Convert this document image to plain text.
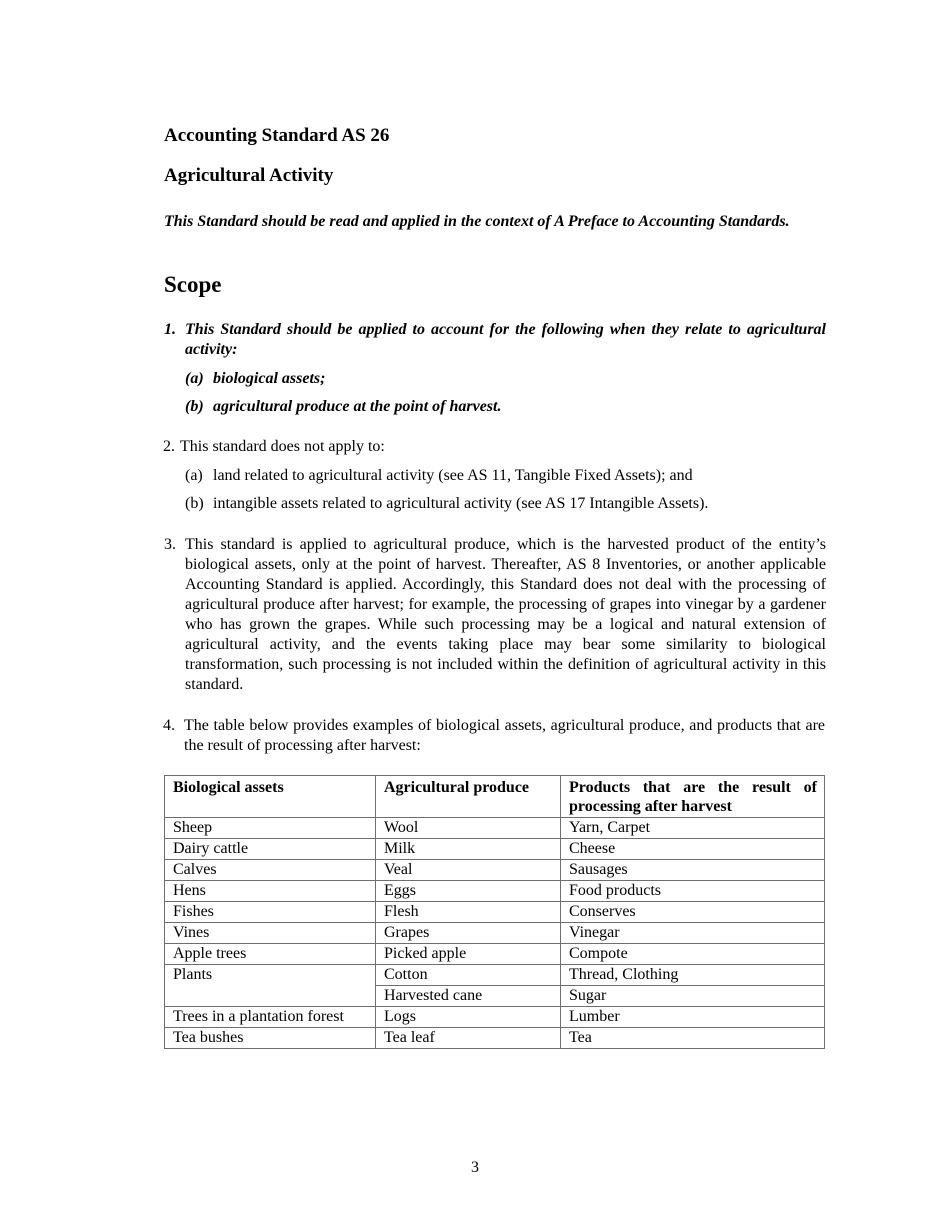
Accounting Standard AS 26
Agricultural Activity

This Standard should be read and applied in the context of A Preface to Accounting Standards.

Scope
1. This Standard should be applied to account for the following when they relate to agricultural activity:
(a) biological assets;
(b) agricultural produce at the point of harvest.
2. This standard does not apply to:
(a) land related to agricultural activity (see AS 11, Tangible Fixed Assets); and
(b) intangible assets related to agricultural activity (see AS 17 Intangible Assets).
3. This standard is applied to agricultural produce, which is the harvested product of the entity’s biological assets, only at the point of harvest. Thereafter, AS 8 Inventories, or another applicable Accounting Standard is applied. Accordingly, this Standard does not deal with the processing of agricultural produce after harvest; for example, the processing of grapes into vinegar by a gardener who has grown the grapes. While such processing may be a logical and natural extension of agricultural activity, and the events taking place may bear some similarity to biological transformation, such processing is not included within the definition of agricultural activity in this standard.
4. The table below provides examples of biological assets, agricultural produce, and products that are the result of processing after harvest:
Biological assets	Agricultural produce	Products that are the result of processing after harvest
Sheep	Wool	Yarn, Carpet
Dairy cattle	Milk	Cheese
Calves	Veal	Sausages
Hens	Eggs	Food products
Fishes	Flesh	Conserves
Vines	Grapes	Vinegar
Apple trees	Picked apple	Compote
Plants	Cotton	Thread, Clothing
	Harvested cane	Sugar
Trees in a plantation forest	Logs	Lumber
Tea bushes	Tea leaf	Tea
3
